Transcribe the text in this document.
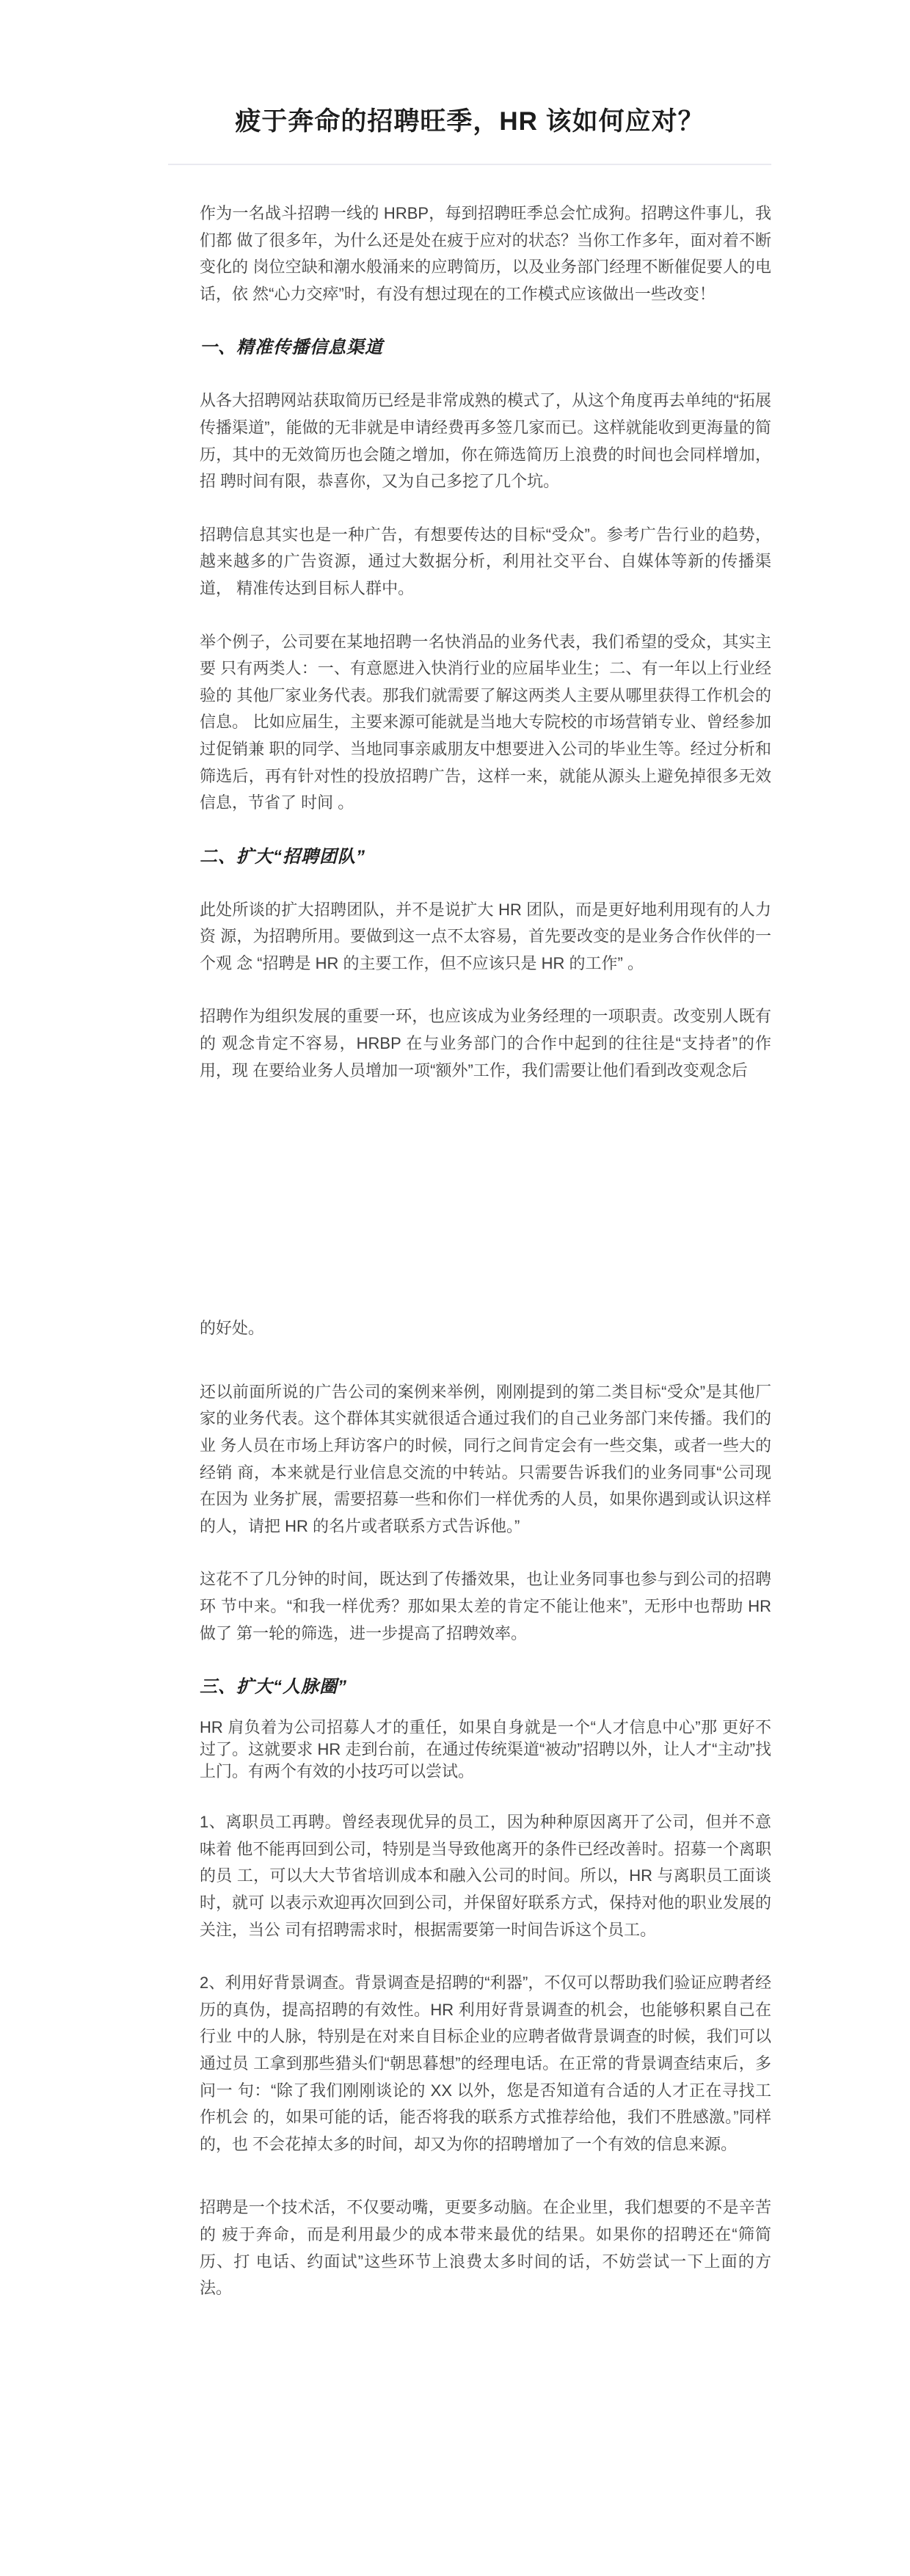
疲于奔命的招聘旺季，HR 该如何应对？

作为一名战斗招聘一线的 HRBP，每到招聘旺季总会忙成狗。招聘这件事儿，我们都 做了很多年，为什么还是处在疲于应对的状态？当你工作多年，面对着不断变化的 岗位空缺和潮水般涌来的应聘简历，以及业务部门经理不断催促要人的电话，依 然“心力交瘁”时，有没有想过现在的工作模式应该做出一些改变！

一、精准传播信息渠道

从各大招聘网站获取简历已经是非常成熟的模式了，从这个角度再去单纯的“拓展 传播渠道”，能做的无非就是申请经费再多签几家而已。这样就能收到更海量的简 历，其中的无效简历也会随之增加，你在筛选简历上浪费的时间也会同样增加，招 聘时间有限，恭喜你，又为自己多挖了几个坑。

招聘信息其实也是一种广告，有想要传达的目标“受众”。参考广告行业的趋势， 越来越多的广告资源，通过大数据分析，利用社交平台、自媒体等新的传播渠道， 精准传达到目标人群中。

举个例子，公司要在某地招聘一名快消品的业务代表，我们希望的受众，其实主要 只有两类人：一、有意愿进入快消行业的应届毕业生；二、有一年以上行业经验的 其他厂家业务代表。那我们就需要了解这两类人主要从哪里获得工作机会的信息。 比如应届生，主要来源可能就是当地大专院校的市场营销专业、曾经参加过促销兼 职的同学、当地同事亲戚朋友中想要进入公司的毕业生等。经过分析和筛选后，再有针对性的投放招聘广告，这样一来，就能从源头上避免掉很多无效信息，节省了 时间 。

二、扩大“招聘团队”

此处所谈的扩大招聘团队，并不是说扩大 HR 团队，而是更好地利用现有的人力资 源，为招聘所用。要做到这一点不太容易，首先要改变的是业务合作伙伴的一个观 念 “招聘是 HR 的主要工作，但不应该只是 HR 的工作” 。

招聘作为组织发展的重要一环，也应该成为业务经理的一项职责。改变别人既有的 观念肯定不容易，HRBP 在与业务部门的合作中起到的往往是“支持者”的作用，现 在要给业务人员增加一项“额外”工作，我们需要让他们看到改变观念后

的好处。

还以前面所说的广告公司的案例来举例，刚刚提到的第二类目标“受众”是其他厂 家的业务代表。这个群体其实就很适合通过我们的自己业务部门来传播。我们的业 务人员在市场上拜访客户的时候，同行之间肯定会有一些交集，或者一些大的经销 商，本来就是行业信息交流的中转站。只需要告诉我们的业务同事“公司现在因为 业务扩展，需要招募一些和你们一样优秀的人员，如果你遇到或认识这样的人，请把 HR 的名片或者联系方式告诉他。”

这花不了几分钟的时间，既达到了传播效果，也让业务同事也参与到公司的招聘环 节中来。“和我一样优秀？那如果太差的肯定不能让他来”，无形中也帮助 HR 做了 第一轮的筛选，进一步提高了招聘效率。

三、扩大“人脉圈”

HR 肩负着为公司招募人才的重任，如果自身就是一个“人才信息中心”那 更好不过了。这就要求 HR 走到台前，在通过传统渠道“被动”招聘以外，让人才“主动”找 上门。有两个有效的小技巧可以尝试。

1、离职员工再聘。曾经表现优异的员工，因为种种原因离开了公司，但并不意味着 他不能再回到公司，特别是当导致他离开的条件已经改善时。招募一个离职的员 工，可以大大节省培训成本和融入公司的时间。所以，HR 与离职员工面谈时，就可 以表示欢迎再次回到公司，并保留好联系方式，保持对他的职业发展的关注，当公 司有招聘需求时，根据需要第一时间告诉这个员工。

2、利用好背景调查。背景调查是招聘的“利器”，不仅可以帮助我们验证应聘者经 历的真伪，提高招聘的有效性。HR 利用好背景调查的机会，也能够积累自己在行业 中的人脉，特别是在对来自目标企业的应聘者做背景调查的时候，我们可以通过员 工拿到那些猎头们“朝思暮想”的经理电话。在正常的背景调查结束后，多问一 句：“除了我们刚刚谈论的 XX 以外，您是否知道有合适的人才正在寻找工作机会 的，如果可能的话，能否将我的联系方式推荐给他，我们不胜感激。”同样的，也 不会花掉太多的时间，却又为你的招聘增加了一个有效的信息来源。

招聘是一个技术活，不仅要动嘴，更要多动脑。在企业里，我们想要的不是辛苦的 疲于奔命，而是利用最少的成本带来最优的结果。如果你的招聘还在“筛简历、打 电话、约面试”这些环节上浪费太多时间的话，不妨尝试一下上面的方法。
